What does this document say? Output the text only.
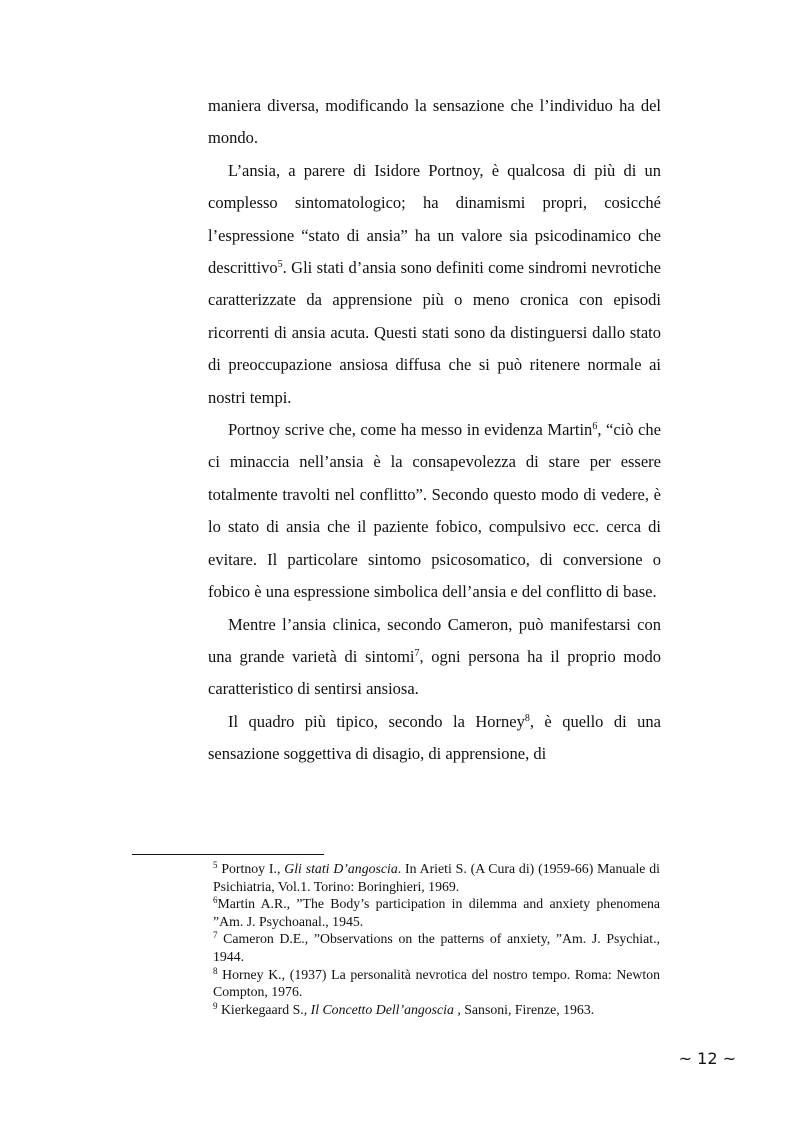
maniera diversa, modificando la sensazione che l’individuo ha del mondo.

L’ansia, a parere di Isidore Portnoy, è qualcosa di più di un complesso sintomatologico; ha dinamismi propri, cosicché l’espressione “stato di ansia” ha un valore sia psicodinamico che descrittivo$^5$. Gli stati d’ansia sono definiti come sindromi nevrotiche caratterizzate da apprensione più o meno cronica con episodi ricorrenti di ansia acuta. Questi stati sono da distinguersi dallo stato di preoccupazione ansiosa diffusa che si può ritenere normale ai nostri tempi.

Portnoy scrive che, come ha messo in evidenza Martin$^6$, “ciò che ci minaccia nell’ansia è la consapevolezza di stare per essere totalmente travolti nel conflitto”. Secondo questo modo di vedere, è lo stato di ansia che il paziente fobico, compulsivo ecc. cerca di evitare. Il particolare sintomo psicosomatico, di conversione o fobico è una espressione simbolica dell’ansia e del conflitto di base.

Mentre l’ansia clinica, secondo Cameron, può manifestarsi con una grande varietà di sintomi$^7$, ogni persona ha il proprio modo caratteristico di sentirsi ansiosa.

Il quadro più tipico, secondo la Horney$^8$, è quello di una sensazione soggettiva di disagio, di apprensione, di

$^5$ Portnoy I., Gli stati D’angoscia. In Arieti S. (A Cura di) (1959-66) Manuale di Psichiatria, Vol.1. Torino: Boringhieri, 1969.

$^6$Martin A.R., ”The Body’s participation in dilemma and anxiety phenomena ”Am. J. Psychoanal., 1945.

$^7$ Cameron D.E., ”Observations on the patterns of anxiety, ”Am. J. Psychiat., 1944.

$^8$ Horney K., (1937) La personalità nevrotica del nostro tempo. Roma: Newton Compton, 1976.

$^9$ Kierkegaard S., Il Concetto Dell’angoscia , Sansoni, Firenze, 1963.

~ 12 ~
